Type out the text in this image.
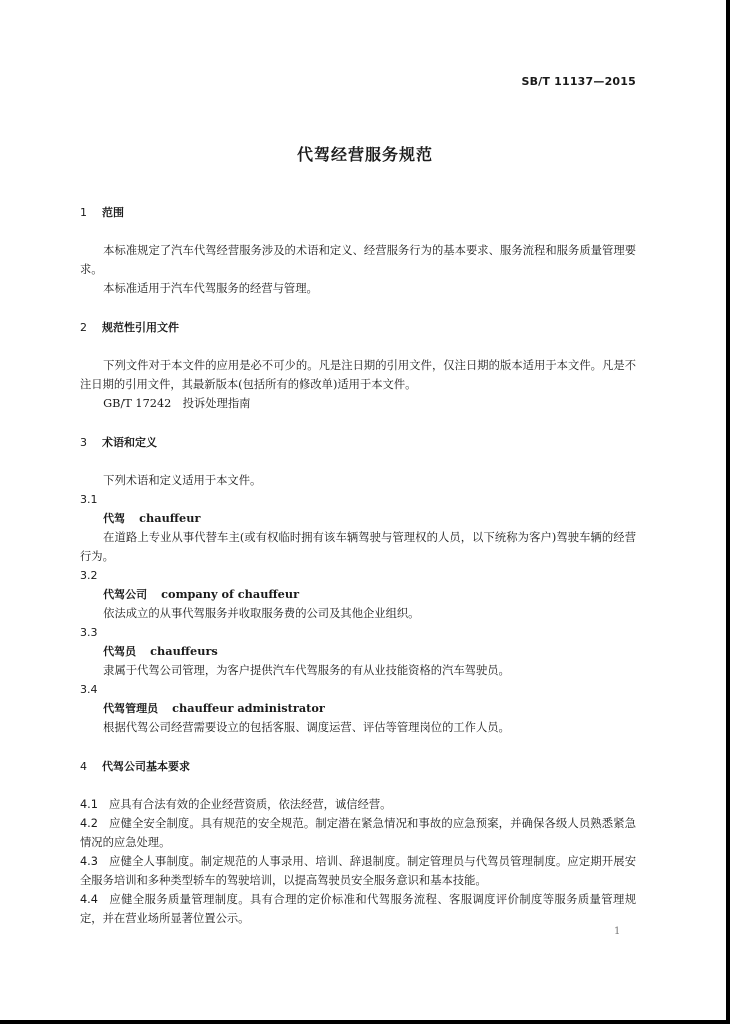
SB/T 11137—2015
代驾经营服务规范
1 范围

本标准规定了汽车代驾经营服务涉及的术语和定义、经营服务行为的基本要求、服务流程和服务质量管理要求。

本标准适用于汽车代驾服务的经营与管理。

2 规范性引用文件

下列文件对于本文件的应用是必不可少的。凡是注日期的引用文件，仅注日期的版本适用于本文件。凡是不注日期的引用文件，其最新版本(包括所有的修改单)适用于本文件。

GB/T 17242　投诉处理指南

3 术语和定义

下列术语和定义适用于本文件。

3.1

代驾 chauffeur

在道路上专业从事代替车主(或有权临时拥有该车辆驾驶与管理权的人员，以下统称为客户)驾驶车辆的经营行为。

3.2

代驾公司 company of chauffeur

依法成立的从事代驾服务并收取服务费的公司及其他企业组织。

3.3

代驾员 chauffeurs

隶属于代驾公司管理，为客户提供汽车代驾服务的有从业技能资格的汽车驾驶员。

3.4

代驾管理员 chauffeur administrator

根据代驾公司经营需要设立的包括客服、调度运营、评估等管理岗位的工作人员。

4 代驾公司基本要求

4.1 应具有合法有效的企业经营资质，依法经营，诚信经营。

4.2 应健全安全制度。具有规范的安全规范。制定潜在紧急情况和事故的应急预案，并确保各级人员熟悉紧急情况的应急处理。

4.3 应健全人事制度。制定规范的人事录用、培训、辞退制度。制定管理员与代驾员管理制度。应定期开展安全服务培训和多种类型轿车的驾驶培训，以提高驾驶员安全服务意识和基本技能。

4.4 应健全服务质量管理制度。具有合理的定价标准和代驾服务流程、客服调度评价制度等服务质量管理规定，并在营业场所显著位置公示。

1
